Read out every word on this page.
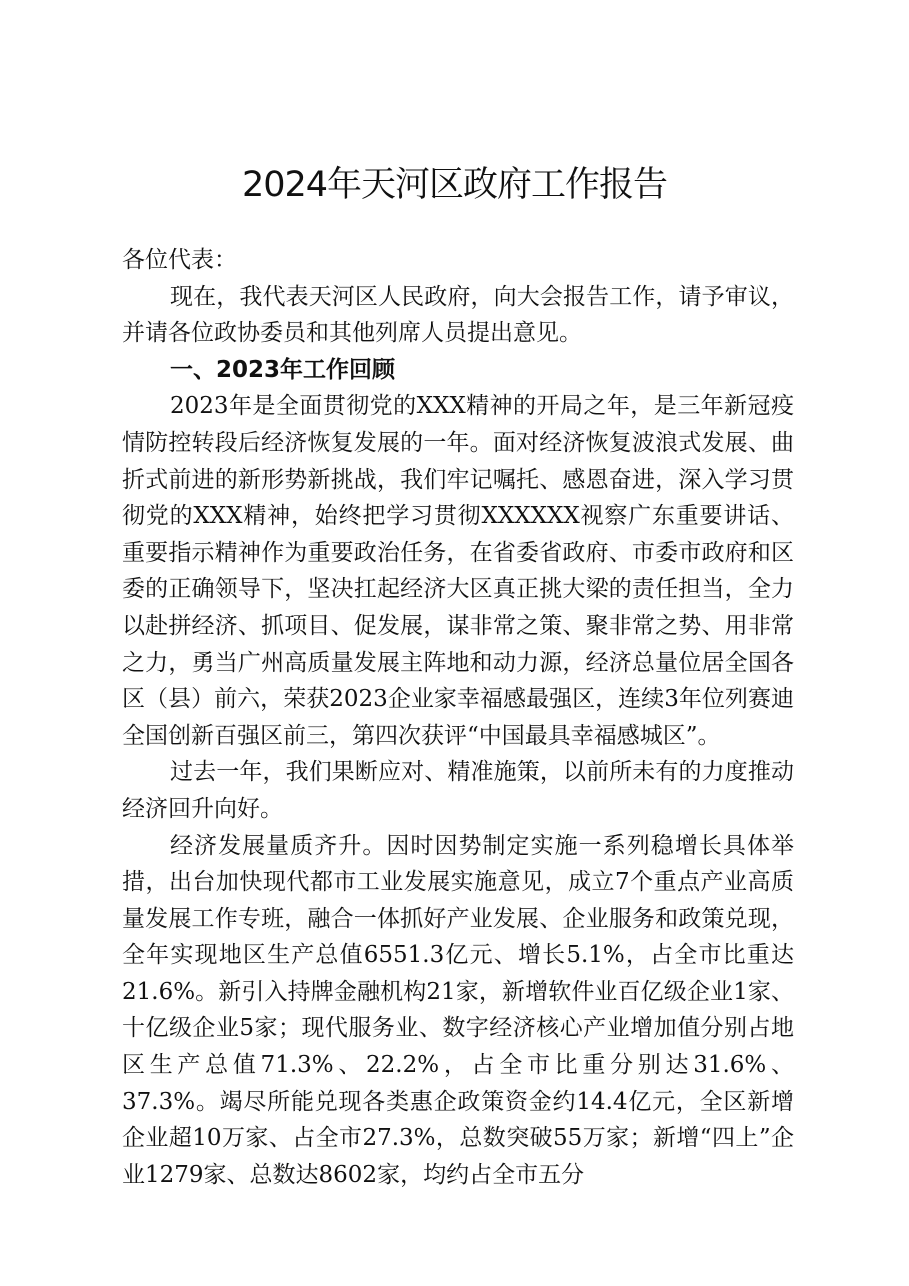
2024年天河区政府工作报告

各位代表：

现在，我代表天河区人民政府，向大会报告工作，请予审议，并请各位政协委员和其他列席人员提出意见。

一、2023年工作回顾

2023年是全面贯彻党的XXX精神的开局之年，是三年新冠疫情防控转段后经济恢复发展的一年。面对经济恢复波浪式发展、曲折式前进的新形势新挑战，我们牢记嘱托、感恩奋进，深入学习贯彻党的XXX精神，始终把学习贯彻XXXXXX视察广东重要讲话、重要指示精神作为重要政治任务，在省委省政府、市委市政府和区委的正确领导下，坚决扛起经济大区真正挑大梁的责任担当，全力以赴拼经济、抓项目、促发展，谋非常之策、聚非常之势、用非常之力，勇当广州高质量发展主阵地和动力源，经济总量位居全国各区（县）前六，荣获2023企业家幸福感最强区，连续3年位列赛迪全国创新百强区前三，第四次获评“中国最具幸福感城区”。

过去一年，我们果断应对、精准施策，以前所未有的力度推动经济回升向好。

经济发展量质齐升。因时因势制定实施一系列稳增长具体举措，出台加快现代都市工业发展实施意见，成立7个重点产业高质量发展工作专班，融合一体抓好产业发展、企业服务和政策兑现，全年实现地区生产总值6551.3亿元、增长5.1%，占全市比重达21.6%。新引入持牌金融机构21家，新增软件业百亿级企业1家、十亿级企业5家；现代服务业、数字经济核心产业增加值分别占地区生产总值71.3%、22.2%，占全市比重分别达31.6%、37.3%。竭尽所能兑现各类惠企政策资金约14.4亿元，全区新增企业超10万家、占全市27.3%，总数突破55万家；新增“四上”企业1279家、总数达8602家，均约占全市五分
